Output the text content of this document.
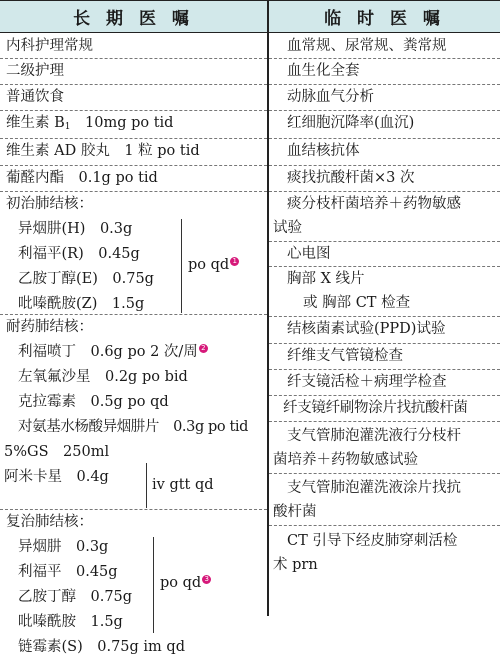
长 期 医 嘱	临 时 医 嘱
内科护理常规
二级护理
普通饮食
维生素 $B_1$　10mg po tid
维生素 AD 胶丸　1 粒 po tid
葡醛内酯　0.1g po tid
初治肺结核：
异烟肼(H)　0.3g
利福平(R)　0.45g
乙胺丁醇(E)　0.75g
吡嗪酰胺(Z)　1.5g
po qd 1
耐药肺结核：
利福喷丁　0.6g po 2 次/周 2
左氧氟沙星　0.2g po bid
克拉霉素　0.5g po qd
对氨基水杨酸异烟肼片　0.3g po tid
5%GS　250ml
阿米卡星　0.4g	iv gtt qd
复治肺结核：
异烟肼　0.3g
利福平　0.45g
乙胺丁醇　0.75g
吡嗪酰胺　1.5g
链霉素(S)　0.75g im qd
po qd 3
血常规、尿常规、粪常规
血生化全套
动脉血气分析
红细胞沉降率(血沉)
血结核抗体
痰找抗酸杆菌×3 次
痰分枝杆菌培养＋药物敏感
试验
心电图
胸部 X 线片
或 胸部 CT 检查
结核菌素试验(PPD)试验
纤维支气管镜检查
纤支镜活检＋病理学检查
纤支镜纤刷物涂片找抗酸杆菌
支气管肺泡灌洗液行分枝杆
菌培养＋药物敏感试验
支气管肺泡灌洗液涂片找抗
酸杆菌
CT 引导下经皮肺穿刺活检
术 prn
